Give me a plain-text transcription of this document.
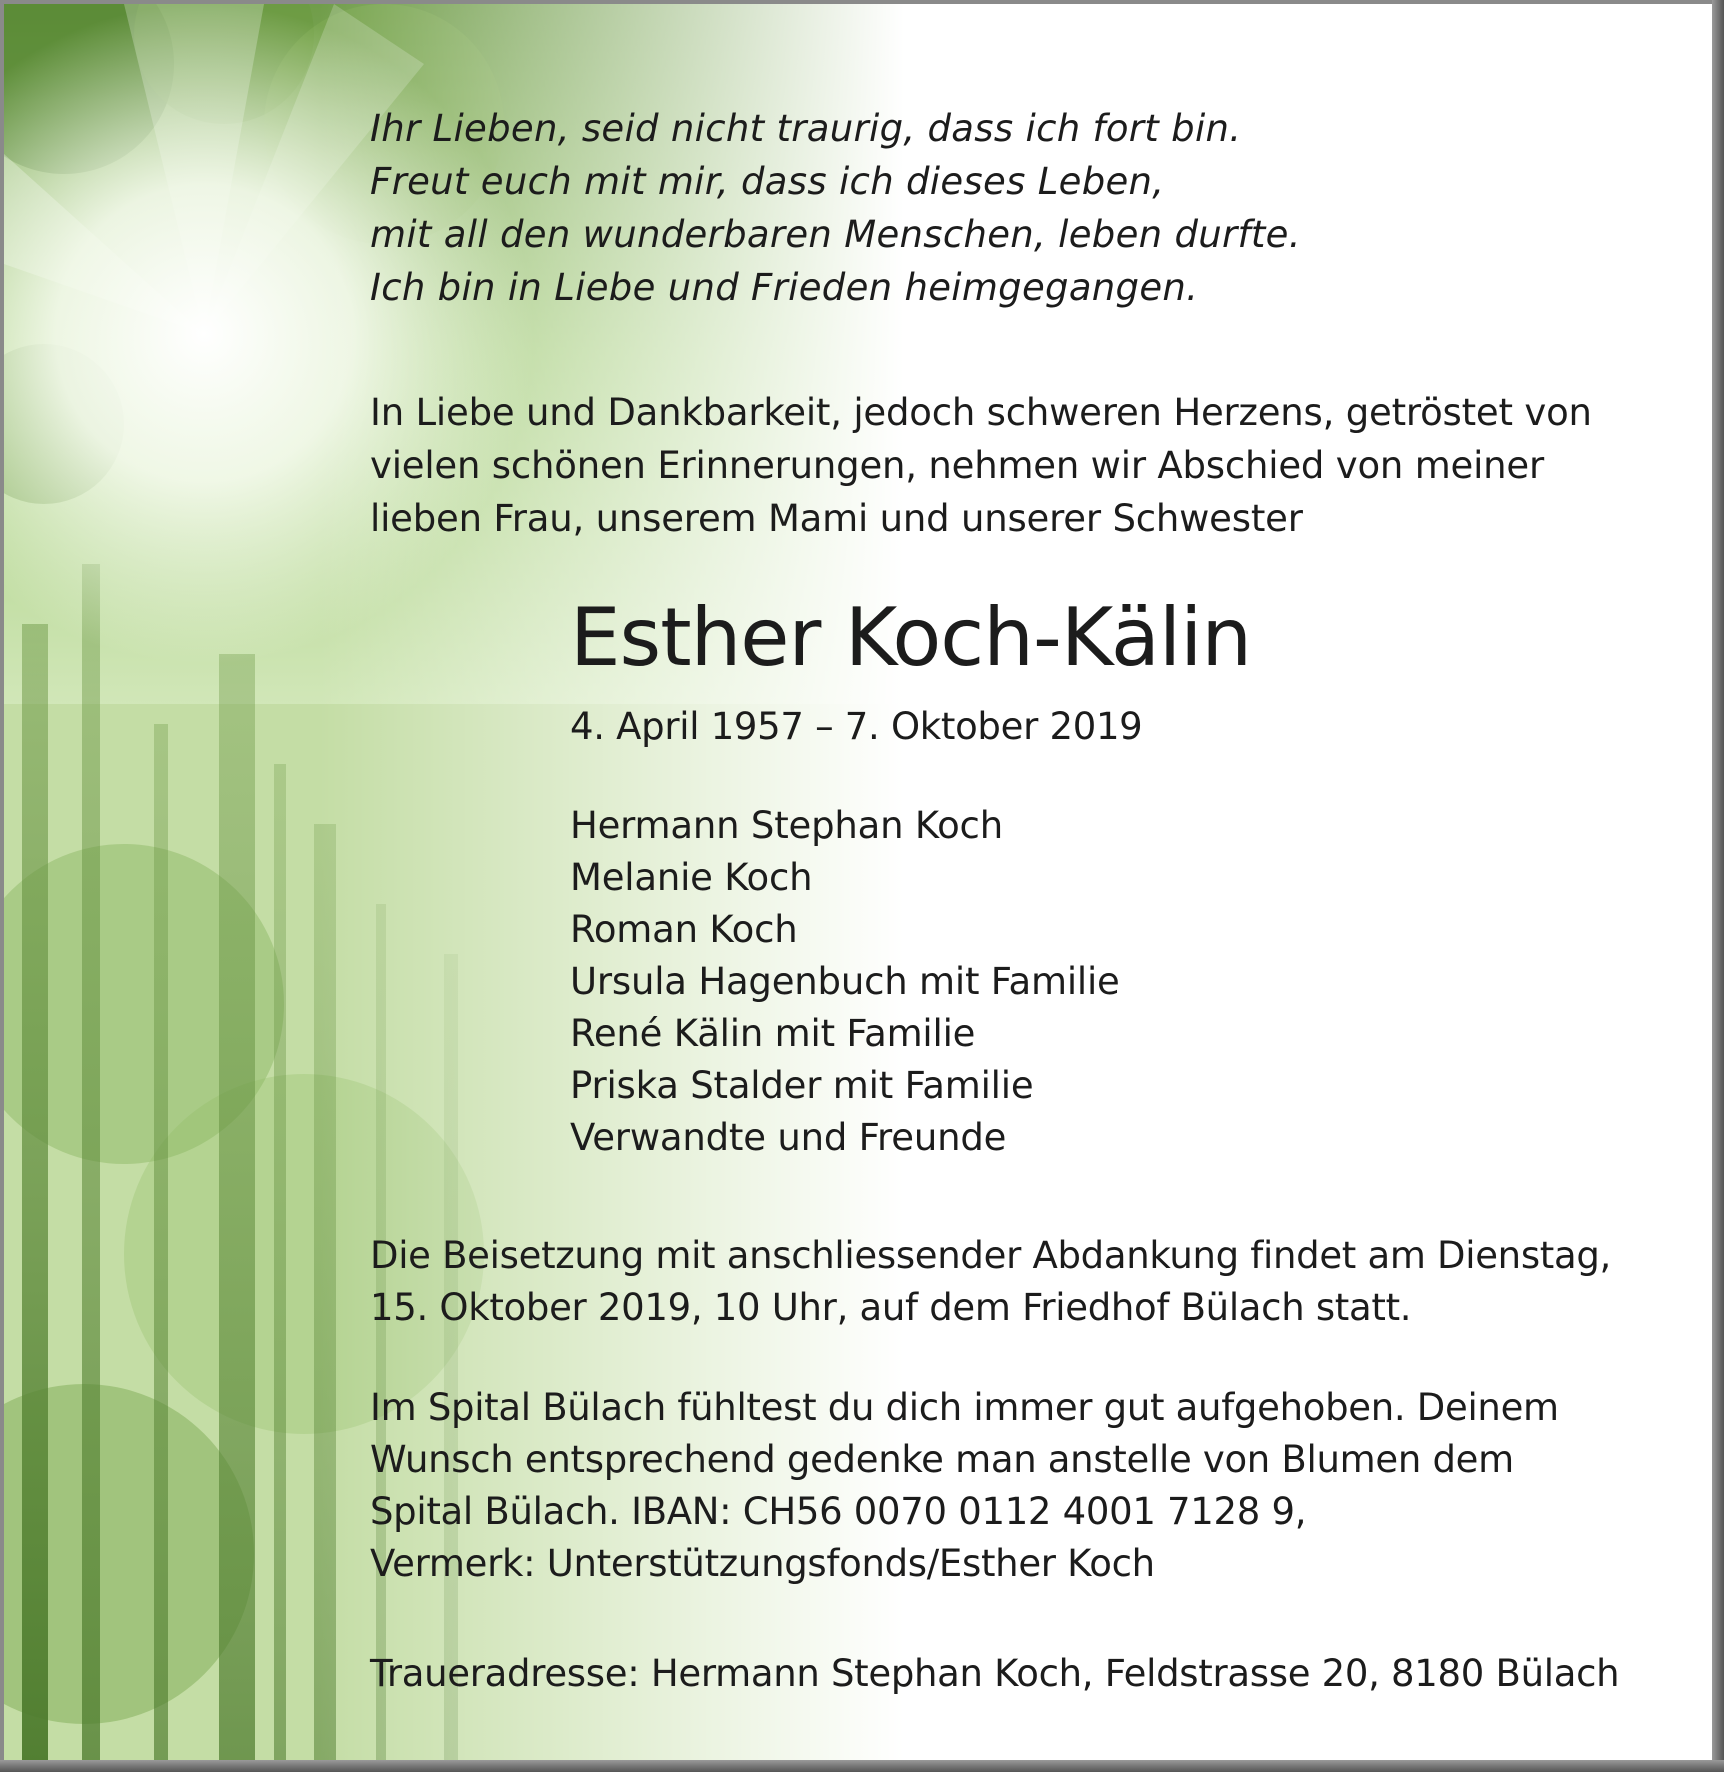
Ihr Lieben, seid nicht traurig, dass ich fort bin.
Freut euch mit mir, dass ich dieses Leben,
mit all den wunderbaren Menschen, leben durfte.
Ich bin in Liebe und Frieden heimgegangen.
In Liebe und Dankbarkeit, jedoch schweren Herzens, getröstet von
vielen schönen Erinnerungen, nehmen wir Abschied von meiner
lieben Frau, unserem Mami und unserer Schwester
Esther Koch-Kälin
4. April 1957 – 7. Oktober 2019
Hermann Stephan Koch
Melanie Koch
Roman Koch
Ursula Hagenbuch mit Familie
René Kälin mit Familie
Priska Stalder mit Familie
Verwandte und Freunde
Die Beisetzung mit anschliessender Abdankung findet am Dienstag,
15. Oktober 2019, 10 Uhr, auf dem Friedhof Bülach statt.
Im Spital Bülach fühltest du dich immer gut aufgehoben. Deinem
Wunsch entsprechend gedenke man anstelle von Blumen dem
Spital Bülach. IBAN: CH56 0070 0112 4001 7128 9,
Vermerk: Unterstützungsfonds/Esther Koch
Traueradresse: Hermann Stephan Koch, Feldstrasse 20, 8180 Bülach
